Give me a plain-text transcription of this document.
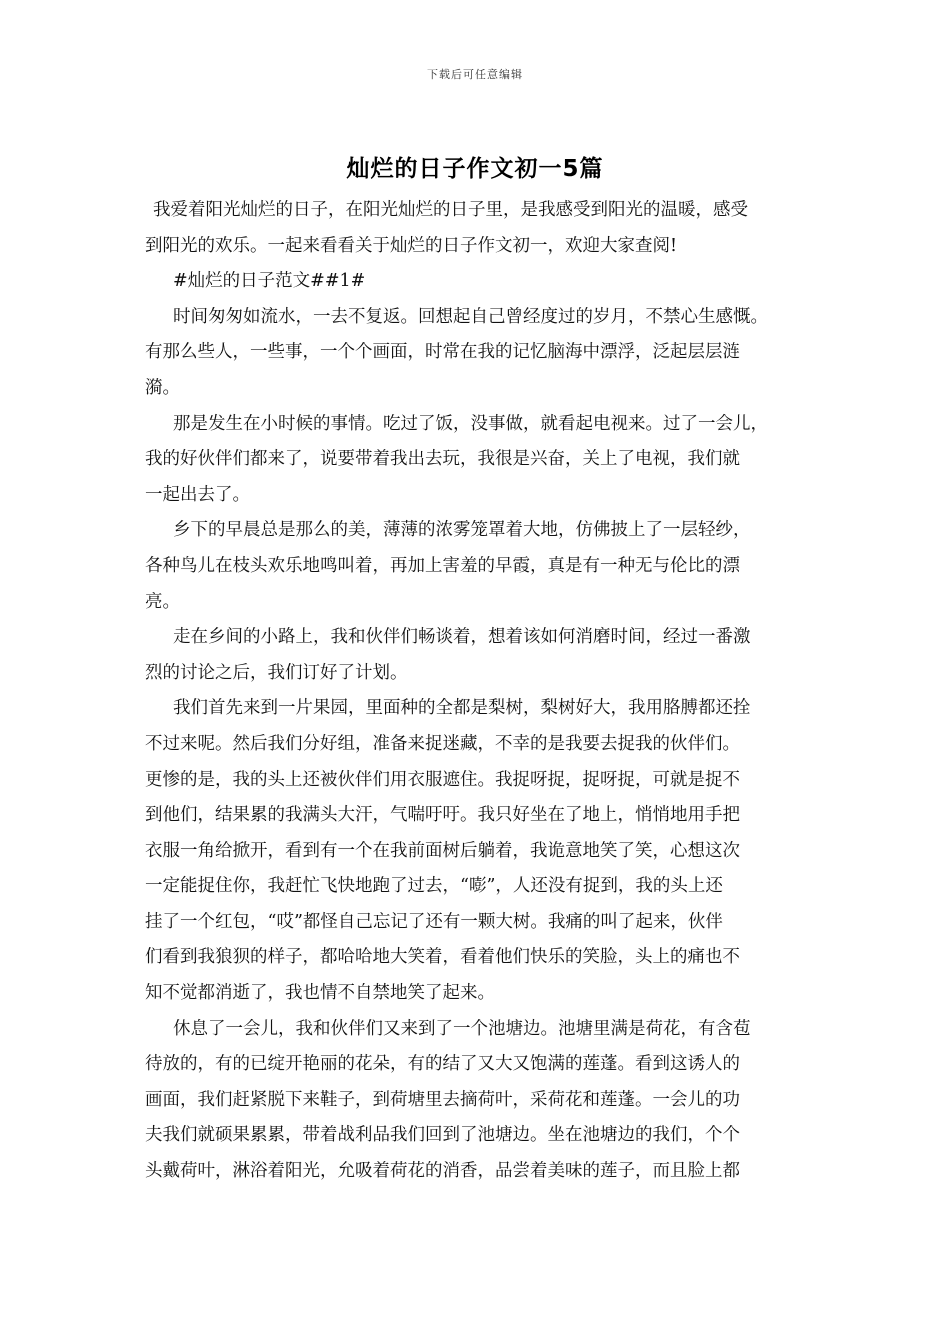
下载后可任意编辑
灿烂的日子作文初一5篇
我爱着阳光灿烂的日子，在阳光灿烂的日子里，是我感受到阳光的温暖，感受
到阳光的欢乐。一起来看看关于灿烂的日子作文初一，欢迎大家查阅!
#灿烂的日子范文##1#
时间匆匆如流水，一去不复返。回想起自己曾经度过的岁月，不禁心生感慨。
有那么些人，一些事，一个个画面，时常在我的记忆脑海中漂浮，泛起层层涟
漪。
那是发生在小时候的事情。吃过了饭，没事做，就看起电视来。过了一会儿，
我的好伙伴们都来了，说要带着我出去玩，我很是兴奋，关上了电视，我们就
一起出去了。
乡下的早晨总是那么的美，薄薄的浓雾笼罩着大地，仿佛披上了一层轻纱，
各种鸟儿在枝头欢乐地鸣叫着，再加上害羞的早霞，真是有一种无与伦比的漂
亮。
走在乡间的小路上，我和伙伴们畅谈着，想着该如何消磨时间，经过一番激
烈的讨论之后，我们订好了计划。
我们首先来到一片果园，里面种的全都是梨树，梨树好大，我用胳膊都还拴
不过来呢。然后我们分好组，准备来捉迷藏，不幸的是我要去捉我的伙伴们。
更惨的是，我的头上还被伙伴们用衣服遮住。我捉呀捉，捉呀捉，可就是捉不
到他们，结果累的我满头大汗，气喘吁吁。我只好坐在了地上，悄悄地用手把
衣服一角给掀开，看到有一个在我前面树后躺着，我诡意地笑了笑，心想这次
一定能捉住你，我赶忙飞快地跑了过去，“嘭”，人还没有捉到，我的头上还
挂了一个红包，“哎”都怪自己忘记了还有一颗大树。我痛的叫了起来，伙伴
们看到我狼狈的样子，都哈哈地大笑着，看着他们快乐的笑脸，头上的痛也不
知不觉都消逝了，我也情不自禁地笑了起来。
休息了一会儿，我和伙伴们又来到了一个池塘边。池塘里满是荷花，有含苞
待放的，有的已绽开艳丽的花朵，有的结了又大又饱满的莲蓬。看到这诱人的
画面，我们赶紧脱下来鞋子，到荷塘里去摘荷叶，采荷花和莲蓬。一会儿的功
夫我们就硕果累累，带着战利品我们回到了池塘边。坐在池塘边的我们，个个
头戴荷叶，淋浴着阳光，允吸着荷花的消香，品尝着美味的莲子，而且脸上都
